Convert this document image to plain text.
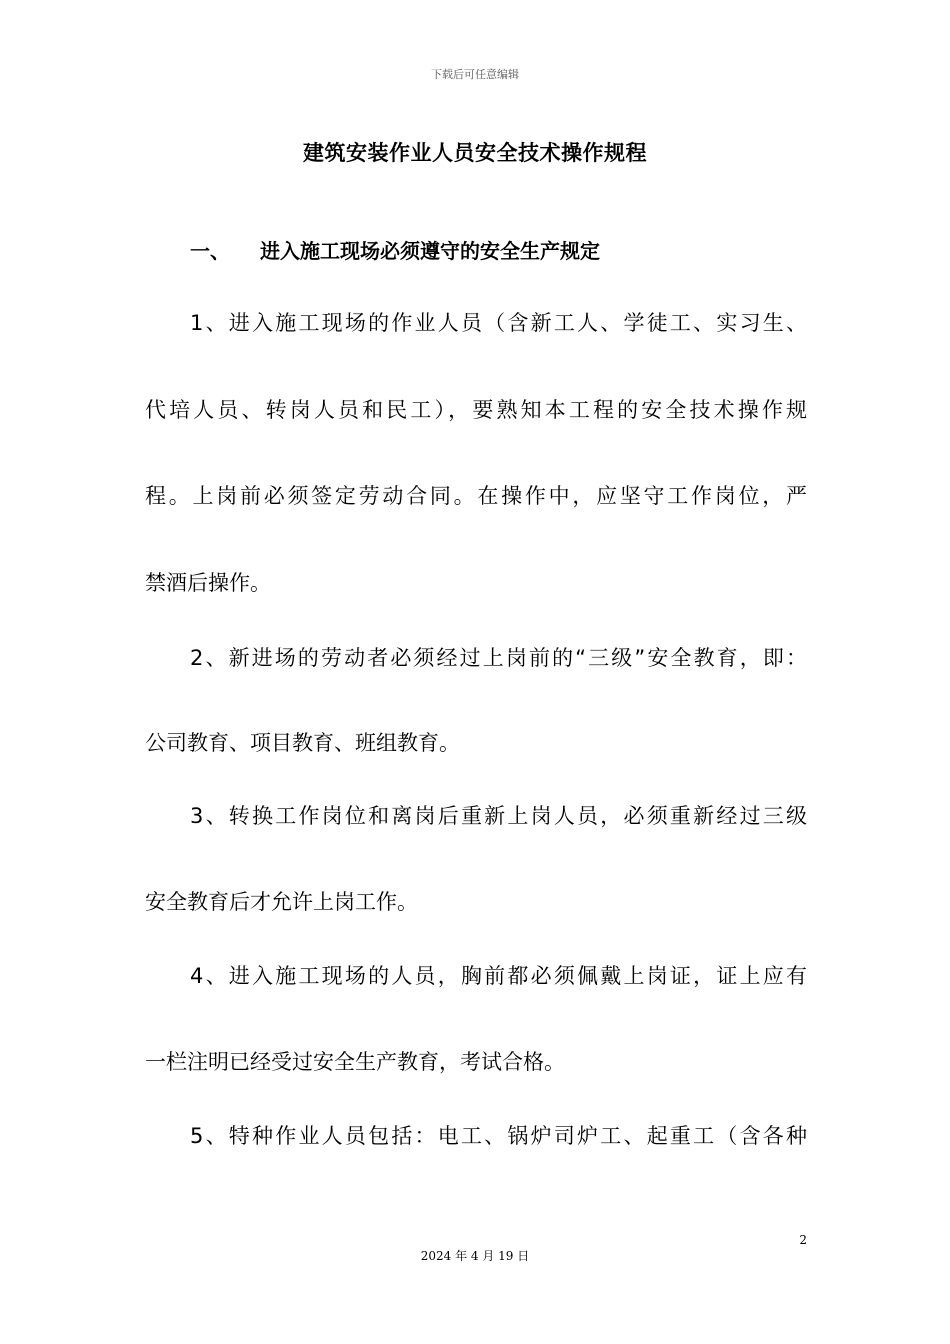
下载后可任意编辑
建筑安装作业人员安全技术操作规程
一、 进入施工现场必须遵守的安全生产规定
1、进入施工现场的作业人员（含新工人、学徒工、实习生、
代培人员、转岗人员和民工），要熟知本工程的安全技术操作规
程。上岗前必须签定劳动合同。在操作中，应坚守工作岗位，严
禁酒后操作。
2、新进场的劳动者必须经过上岗前的“三级”安全教育，即：
公司教育、项目教育、班组教育。
3、转换工作岗位和离岗后重新上岗人员，必须重新经过三级
安全教育后才允许上岗工作。
4、进入施工现场的人员，胸前都必须佩戴上岗证，证上应有
一栏注明已经受过安全生产教育，考试合格。
5、特种作业人员包括：电工、锅炉司炉工、起重工（含各种
2
2024 年 4 月 19 日
